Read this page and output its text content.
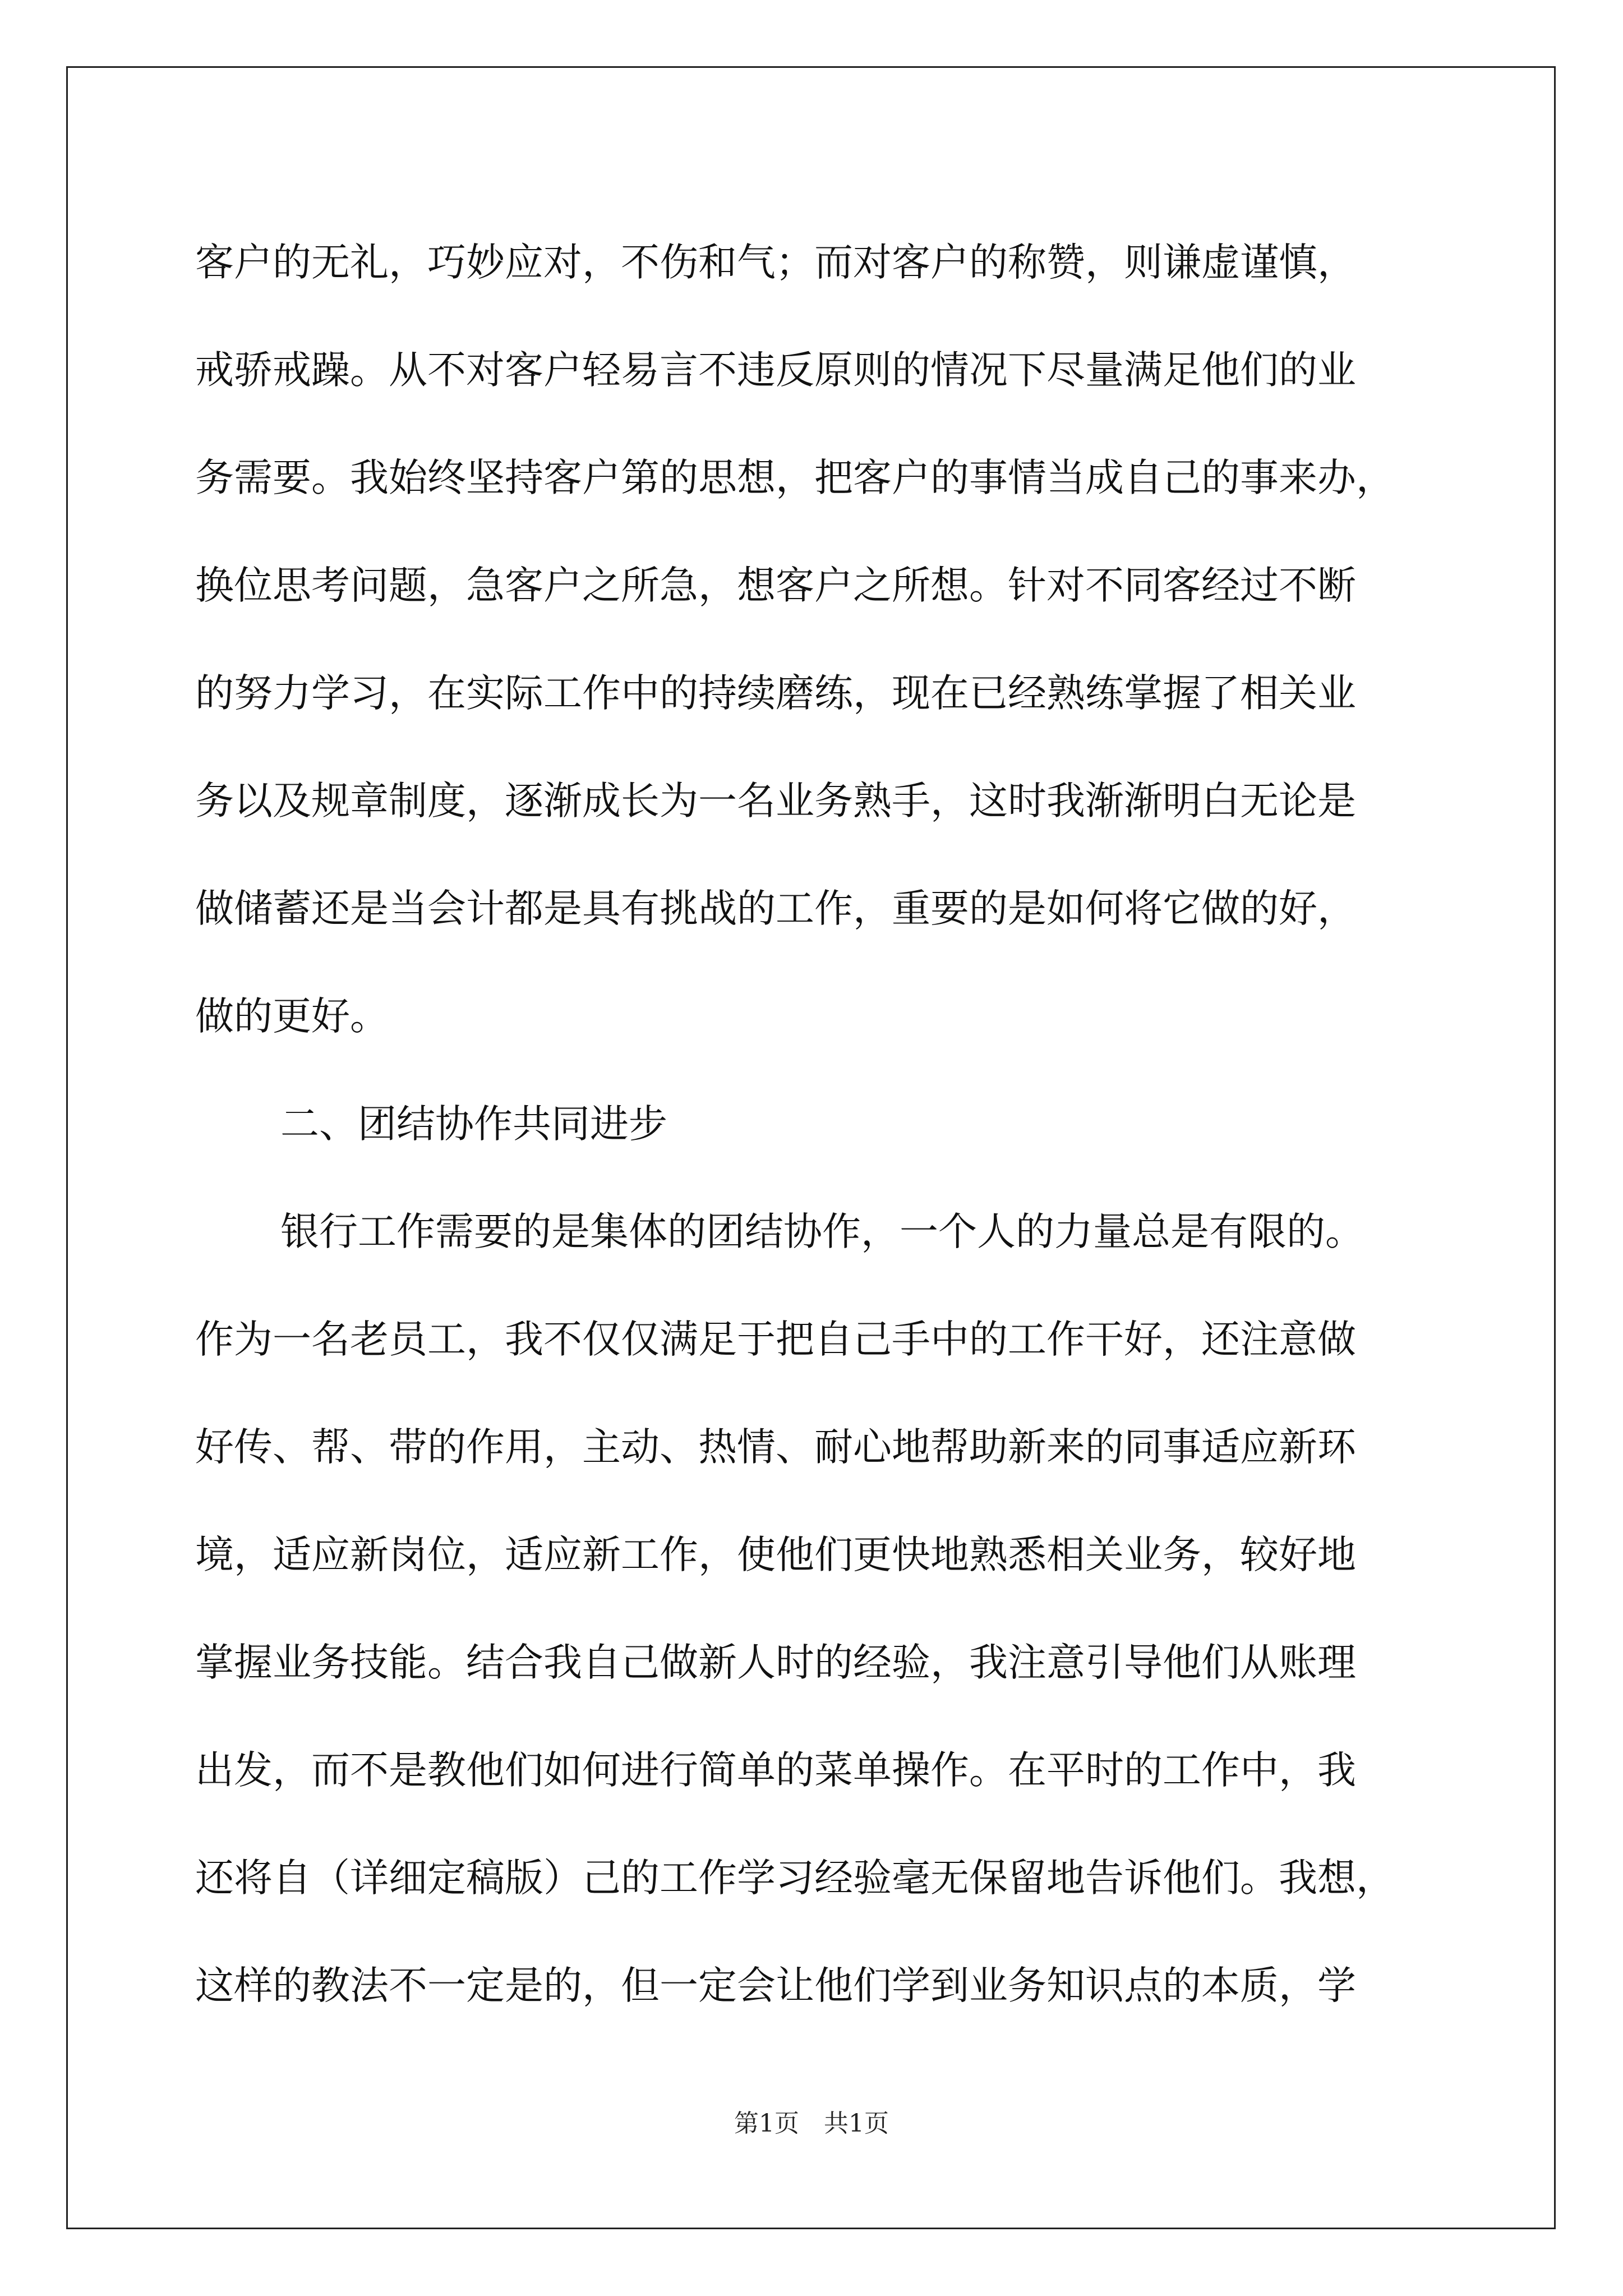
客户的无礼，巧妙应对，不伤和气；而对客户的称赞，则谦虚谨慎，
戒骄戒躁。从不对客户轻易言不违反原则的情况下尽量满足他们的业
务需要。我始终坚持客户第的思想，把客户的事情当成自己的事来办，
换位思考问题，急客户之所急，想客户之所想。针对不同客经过不断
的努力学习，在实际工作中的持续磨练，现在已经熟练掌握了相关业
务以及规章制度，逐渐成长为一名业务熟手，这时我渐渐明白无论是
做储蓄还是当会计都是具有挑战的工作，重要的是如何将它做的好，
做的更好。
二、团结协作共同进步
银行工作需要的是集体的团结协作，一个人的力量总是有限的。
作为一名老员工，我不仅仅满足于把自己手中的工作干好，还注意做
好传、帮、带的作用，主动、热情、耐心地帮助新来的同事适应新环
境，适应新岗位，适应新工作，使他们更快地熟悉相关业务，较好地
掌握业务技能。结合我自己做新人时的经验，我注意引导他们从账理
出发，而不是教他们如何进行简单的菜单操作。在平时的工作中，我
还将自（详细定稿版）己的工作学习经验毫无保留地告诉他们。我想，
这样的教法不一定是的，但一定会让他们学到业务知识点的本质，学
第1页 共1页
